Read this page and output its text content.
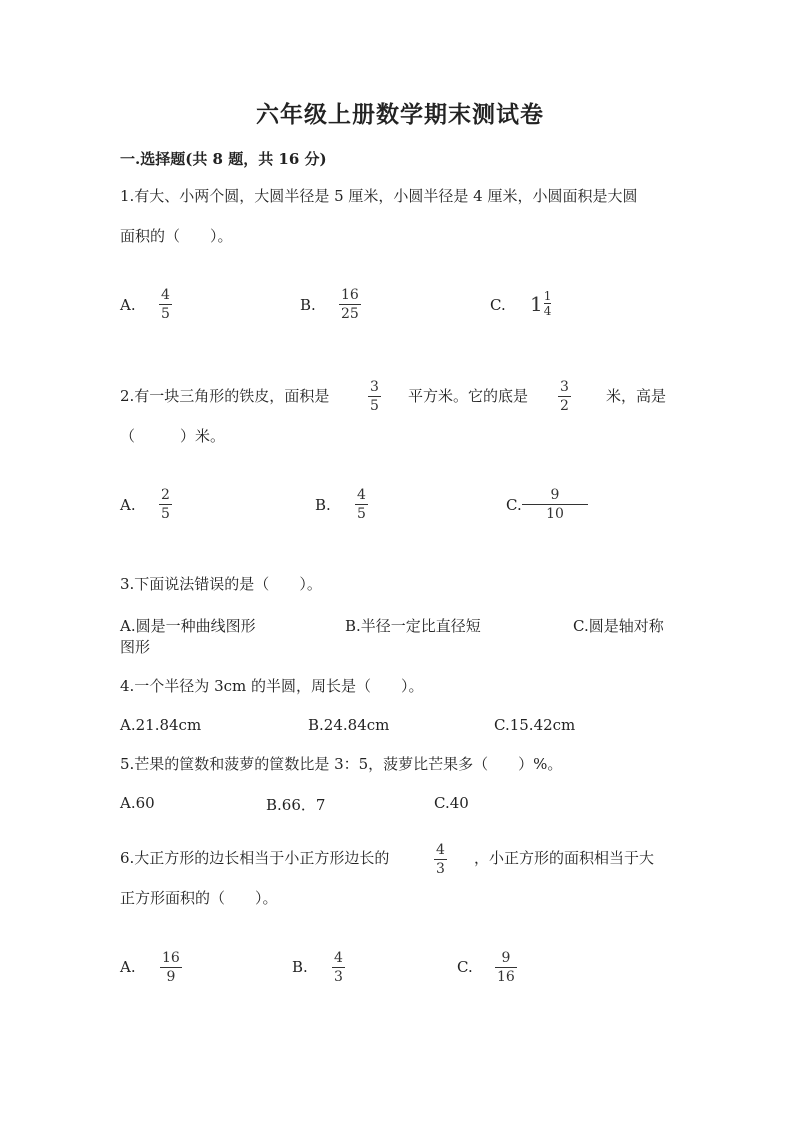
六年级上册数学期末测试卷
一.选择题(共 8 题，共 16 分)
1.有大、小两个圆，大圆半径是 5 厘米，小圆半径是 4 厘米，小圆面积是大圆
面积的（　　）。
A.
4
5	B.
16
25	C. 1 1
4
2.有一块三角形的铁皮，面积是	3
5
平方米。它的底是 3
2
米，高是
（　　　）米。
A.
2
5	B.
4
5	C.
9
10
3.下面说法错误的是（　　）。
A.圆是一种曲线图形	B.半径一定比直径短	C.圆是轴对称
图形
4.一个半径为 3cm 的半圆，周长是（　　）。
A.21.84cm	B.24.84cm	C.15.42cm
5.芒果的筐数和菠萝的筐数比是 3：5，菠萝比芒果多（　　）%。
A.60	B.66．7	C.40
6.大正方形的边长相当于小正方形边长的	4
3
，小正方形的面积相当于大
正方形面积的（　　）。
A. 16
9
B. 4
3
C. 9
16
